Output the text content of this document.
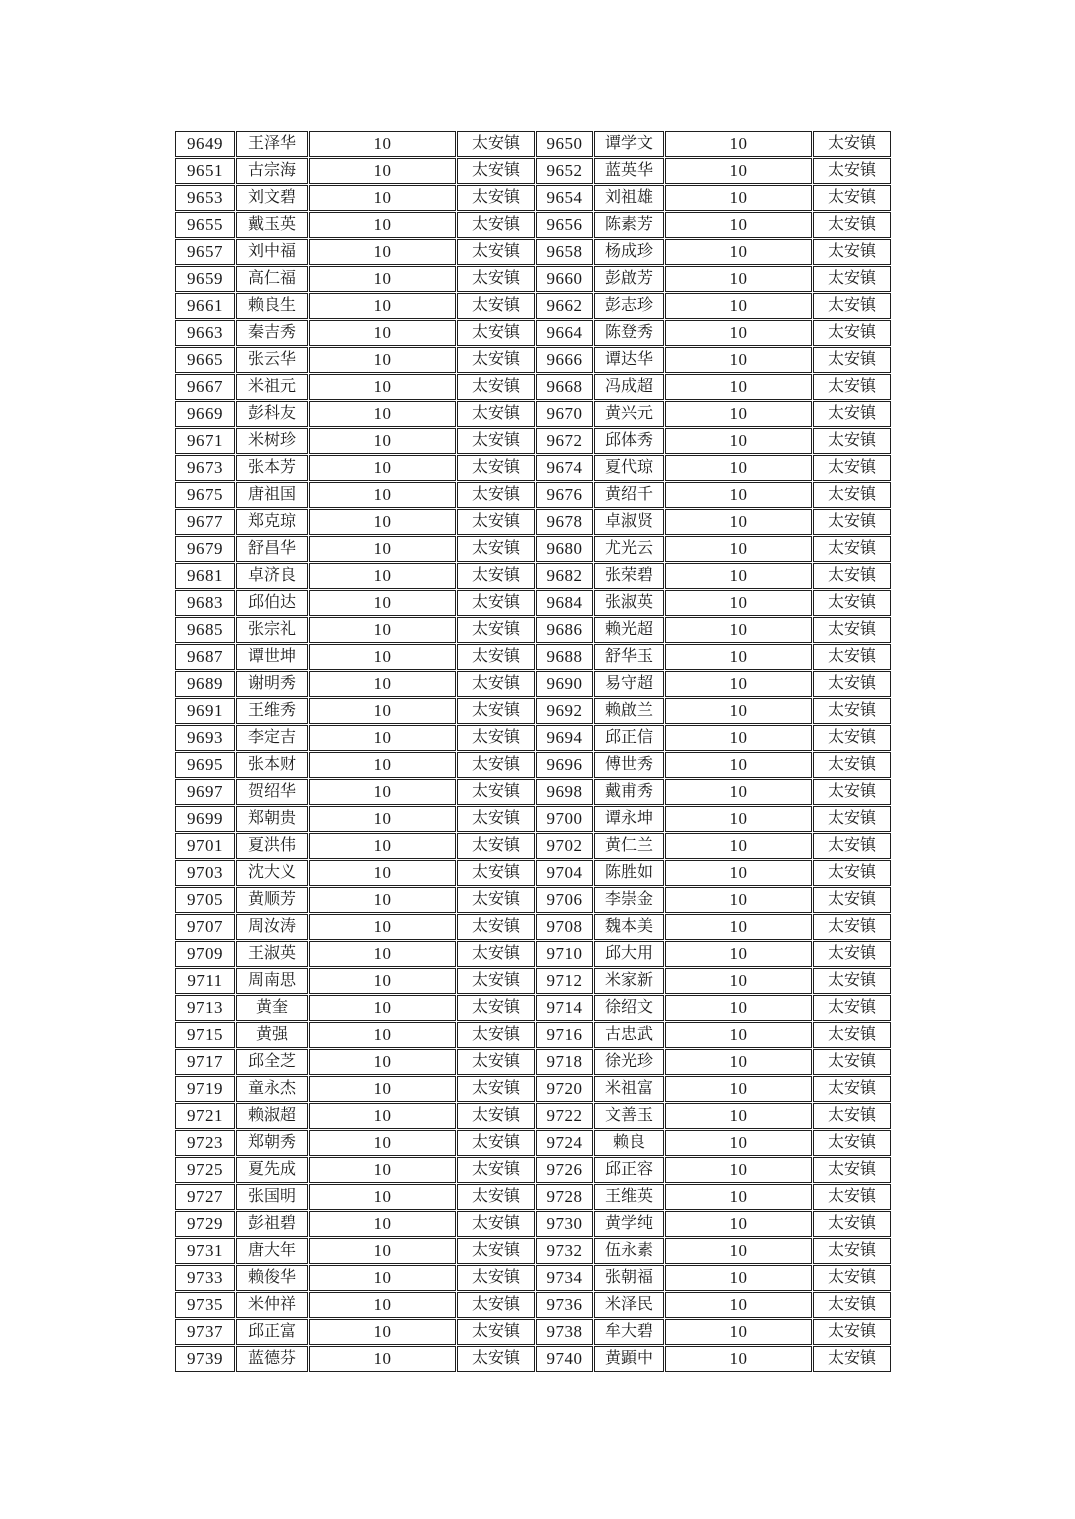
9649	王泽华	10	太安镇	9650	谭学文	10	太安镇
9651	古宗海	10	太安镇	9652	蓝英华	10	太安镇
9653	刘文碧	10	太安镇	9654	刘祖雄	10	太安镇
9655	戴玉英	10	太安镇	9656	陈素芳	10	太安镇
9657	刘中福	10	太安镇	9658	杨成珍	10	太安镇
9659	高仁福	10	太安镇	9660	彭啟芳	10	太安镇
9661	赖良生	10	太安镇	9662	彭志珍	10	太安镇
9663	秦吉秀	10	太安镇	9664	陈登秀	10	太安镇
9665	张云华	10	太安镇	9666	谭达华	10	太安镇
9667	米祖元	10	太安镇	9668	冯成超	10	太安镇
9669	彭科友	10	太安镇	9670	黄兴元	10	太安镇
9671	米树珍	10	太安镇	9672	邱体秀	10	太安镇
9673	张本芳	10	太安镇	9674	夏代琼	10	太安镇
9675	唐祖国	10	太安镇	9676	黄绍千	10	太安镇
9677	郑克琼	10	太安镇	9678	卓淑贤	10	太安镇
9679	舒昌华	10	太安镇	9680	尤光云	10	太安镇
9681	卓济良	10	太安镇	9682	张荣碧	10	太安镇
9683	邱伯达	10	太安镇	9684	张淑英	10	太安镇
9685	张宗礼	10	太安镇	9686	赖光超	10	太安镇
9687	谭世坤	10	太安镇	9688	舒华玉	10	太安镇
9689	谢明秀	10	太安镇	9690	易守超	10	太安镇
9691	王维秀	10	太安镇	9692	赖啟兰	10	太安镇
9693	李定吉	10	太安镇	9694	邱正信	10	太安镇
9695	张本财	10	太安镇	9696	傅世秀	10	太安镇
9697	贺绍华	10	太安镇	9698	戴甫秀	10	太安镇
9699	郑朝贵	10	太安镇	9700	谭永坤	10	太安镇
9701	夏洪伟	10	太安镇	9702	黄仁兰	10	太安镇
9703	沈大义	10	太安镇	9704	陈胜如	10	太安镇
9705	黄顺芳	10	太安镇	9706	李崇金	10	太安镇
9707	周汝涛	10	太安镇	9708	魏本美	10	太安镇
9709	王淑英	10	太安镇	9710	邱大用	10	太安镇
9711	周南思	10	太安镇	9712	米家新	10	太安镇
9713	黄奎	10	太安镇	9714	徐绍文	10	太安镇
9715	黄强	10	太安镇	9716	古忠武	10	太安镇
9717	邱全芝	10	太安镇	9718	徐光珍	10	太安镇
9719	童永杰	10	太安镇	9720	米祖富	10	太安镇
9721	赖淑超	10	太安镇	9722	文善玉	10	太安镇
9723	郑朝秀	10	太安镇	9724	赖良	10	太安镇
9725	夏先成	10	太安镇	9726	邱正容	10	太安镇
9727	张国明	10	太安镇	9728	王维英	10	太安镇
9729	彭祖碧	10	太安镇	9730	黄学纯	10	太安镇
9731	唐大年	10	太安镇	9732	伍永素	10	太安镇
9733	赖俊华	10	太安镇	9734	张朝福	10	太安镇
9735	米仲祥	10	太安镇	9736	米泽民	10	太安镇
9737	邱正富	10	太安镇	9738	牟大碧	10	太安镇
9739	蓝德芬	10	太安镇	9740	黄顕中	10	太安镇
